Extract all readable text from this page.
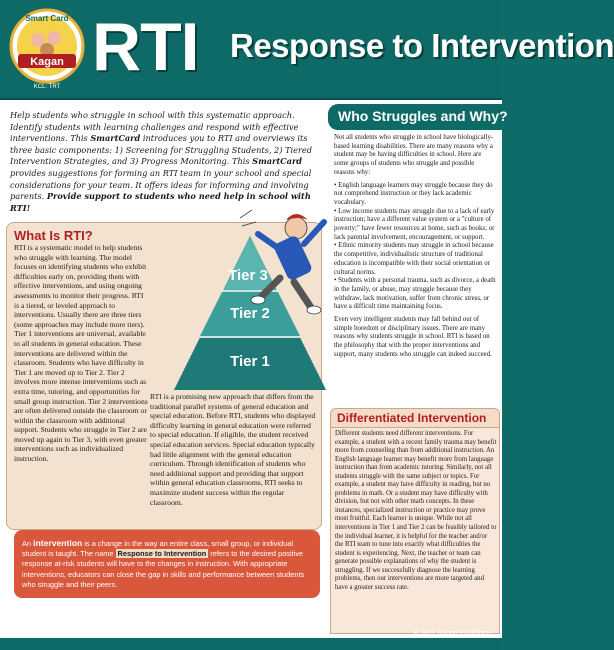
Kagan
Smart Card
KCL: TRT
RTI Response to Intervention
Help students who struggle in school with this systematic approach. Identify students with learning challenges and respond with effective interventions. This SmartCard introduces you to RTI and overviews its three basic components: 1) Screening for Struggling Students, 2) Tiered Intervention Strategies, and 3) Progress Monitoring. This SmartCard provides suggestions for forming an RTI team in your school and special considerations for your team. It offers ideas for informing and involving parents. Provide support to students who need help in school with RTI!
Tier 3
Tier 2
Tier 1
What Is RTI?
RTI is a systematic model to help students who struggle with learning. The model focuses on identifying students who exhibit difficulties early on, providing them with effective interventions, and using ongoing assessments to monitor their progress. RTI is a tiered, or leveled approach to interventions. Usually there are three tiers (some approaches may include more tiers). Tier 1 interventions are universal, available to all students in general education. These interventions are delivered within the classroom. Students who have difficulty in Tier 1 are moved up to Tier 2. Tier 2 involves more intense interventions such as extra time, tutoring, and opportunities for small group instruction. Tier 2 interventions are often delivered outside the classroom or within the classroom with additional support. Students who struggle in Tier 2 are moved up again to Tier 3, with even greater interventions such as individualized instruction.
RTI is a promising new approach that differs from the traditional parallel systems of general education and special education. Before RTI, students who displayed difficulty learning in general education were referred to special education. If eligible, the student received special education services. Special education typically had little alignment with the general education curriculum. Through identification of students who need additional support and providing that support within general education classrooms, RTI seeks to maximize student success within the regular classroom.
An intervention is a change in the way an entire class, small group, or individual student is taught. The name Response to Intervention refers to the desired positive response at-risk students will have to the changes in instruction. With appropriate interventions, educators can close the gap in skills and performance between students who struggle and their peers.
Who Struggles and Why?

Not all students who struggle in school have biologically-based learning disabilities. There are many reasons why a student may be having difficulties in school. Here are some groups of students who struggle and possible reasons why:

• English language learners may struggle because they do not comprehend instruction or they lack academic vocabulary.

• Low income students may struggle due to a lack of early instruction; have a different value system or a "culture of poverty;" have fewer resources at home, such as books; or lack parental involvement, encouragement, or support.

• Ethnic minority students may struggle in school because the competitive, individualistic structure of traditional education is incompatible with their social orientation or cultural norms.

• Students with a personal trauma, such as divorce, a death in the family, or abuse, may struggle because they withdraw, lack motivation, suffer from chronic stress, or have a difficult time maintaining focus.

Even very intelligent students may fall behind out of simple boredom or disciplinary issues. There are many reasons why students struggle in school. RTI is based on the philosophy that with the proper interventions and support, many students who struggle can indeed succeed.

Differentiated Intervention
Different students need different interventions. For example, a student with a recent family trauma may benefit more from counseling than from additional instruction. An English language learner may benefit more from language instruction than from academic tutoring. Similarly, not all students struggle with the same subject or topics. For example, a student may have difficulty in reading, but no problems in math. Or a student may have difficulty with division, but not with other math concepts. In these instances, specialized instruction or practice may prove most fruitful. Each learner is unique. While not all interventions in Tier 1 and Tier 2 can be feasibly tailored to the individual learner, it is helpful for the teacher and/or the RTI team to tune into exactly what difficulties the student is experiencing. Next, the teacher or team can generate possible explanations of why the student is struggling. If we successfully diagnose the learning problems, then our interventions are more targeted and have a greater success rate.
© 2011 Kagan Publishing
